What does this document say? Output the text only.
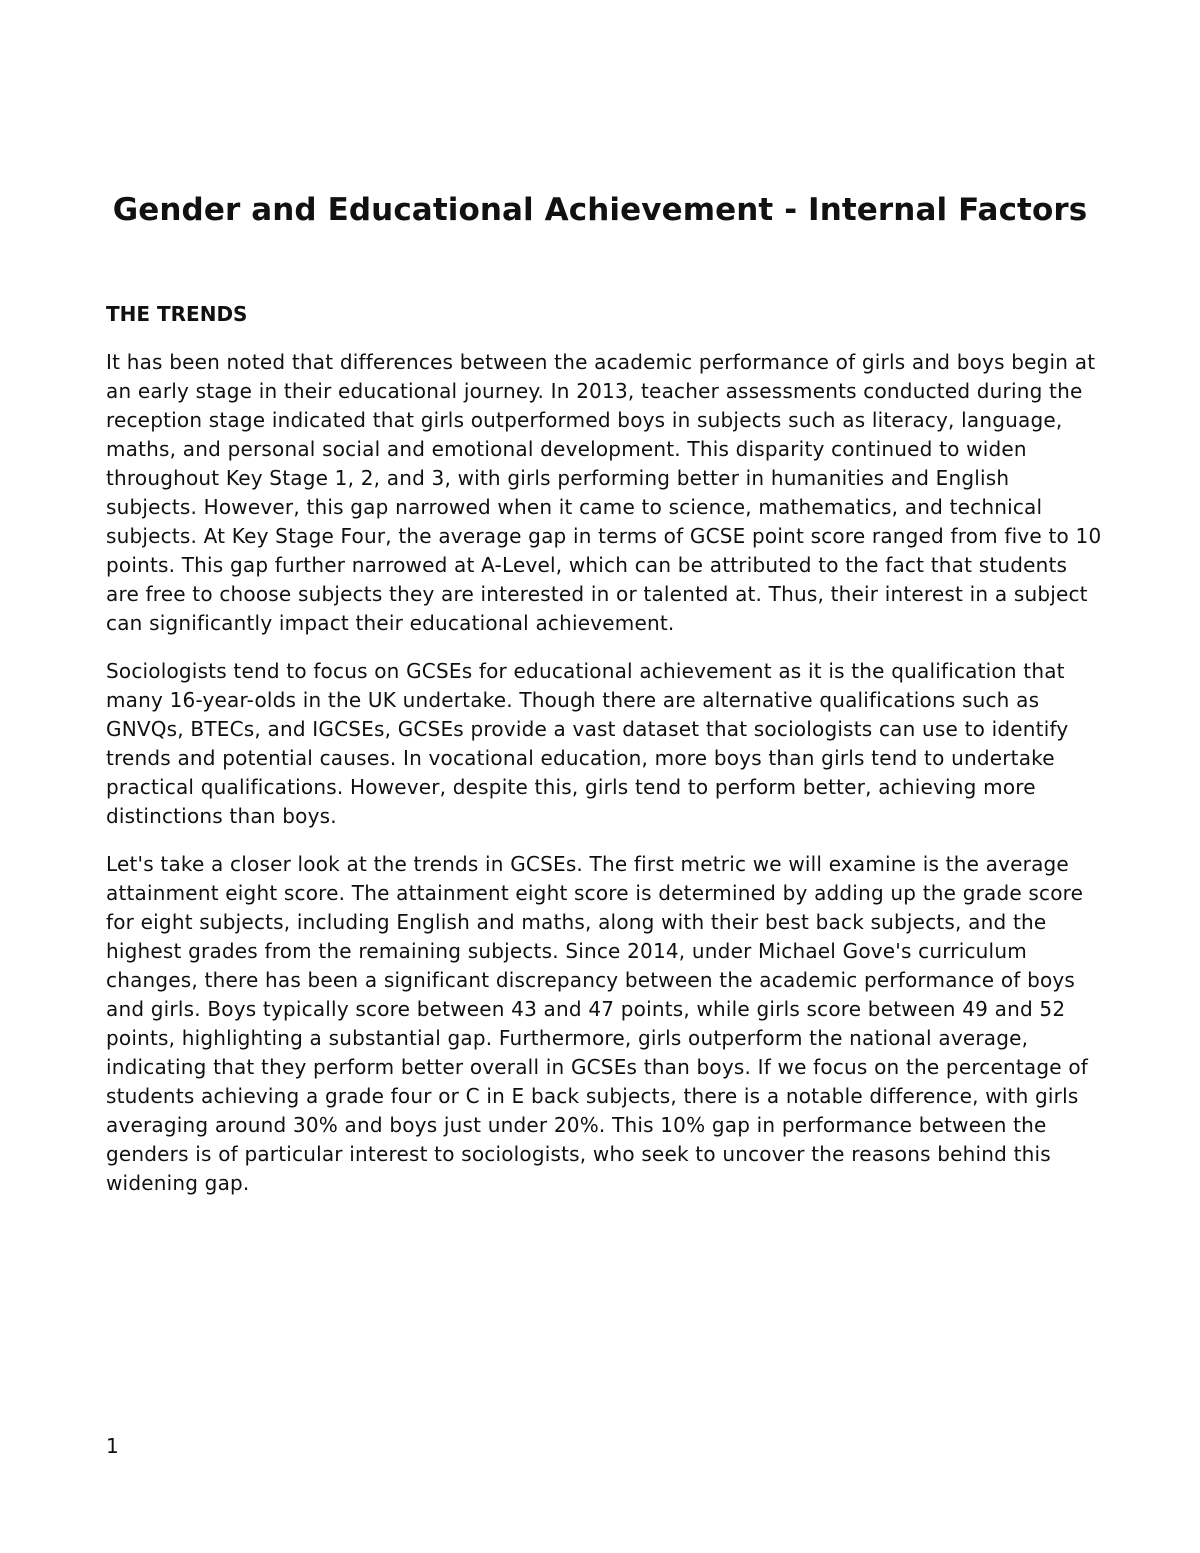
Gender and Educational Achievement - Internal Factors
THE TRENDS

It has been noted that differences between the academic performance of girls and boys begin at an early stage in their educational journey. In 2013, teacher assessments conducted during the reception stage indicated that girls outperformed boys in subjects such as literacy, language, maths, and personal social and emotional development. This disparity continued to widen throughout Key Stage 1, 2, and 3, with girls performing better in humanities and English subjects. However, this gap narrowed when it came to science, mathematics, and technical subjects. At Key Stage Four, the average gap in terms of GCSE point score ranged from five to 10 points. This gap further narrowed at A-Level, which can be attributed to the fact that students are free to choose subjects they are interested in or talented at. Thus, their interest in a subject can significantly impact their educational achievement.

Sociologists tend to focus on GCSEs for educational achievement as it is the qualification that many 16-year-olds in the UK undertake. Though there are alternative qualifications such as GNVQs, BTECs, and IGCSEs, GCSEs provide a vast dataset that sociologists can use to identify trends and potential causes. In vocational education, more boys than girls tend to undertake practical qualifications. However, despite this, girls tend to perform better, achieving more distinctions than boys.

Let's take a closer look at the trends in GCSEs. The first metric we will examine is the average attainment eight score. The attainment eight score is determined by adding up the grade score for eight subjects, including English and maths, along with their best back subjects, and the highest grades from the remaining subjects. Since 2014, under Michael Gove's curriculum changes, there has been a significant discrepancy between the academic performance of boys and girls. Boys typically score between 43 and 47 points, while girls score between 49 and 52 points, highlighting a substantial gap. Furthermore, girls outperform the national average, indicating that they perform better overall in GCSEs than boys. If we focus on the percentage of students achieving a grade four or C in E back subjects, there is a notable difference, with girls averaging around 30% and boys just under 20%. This 10% gap in performance between the genders is of particular interest to sociologists, who seek to uncover the reasons behind this widening gap.

1
